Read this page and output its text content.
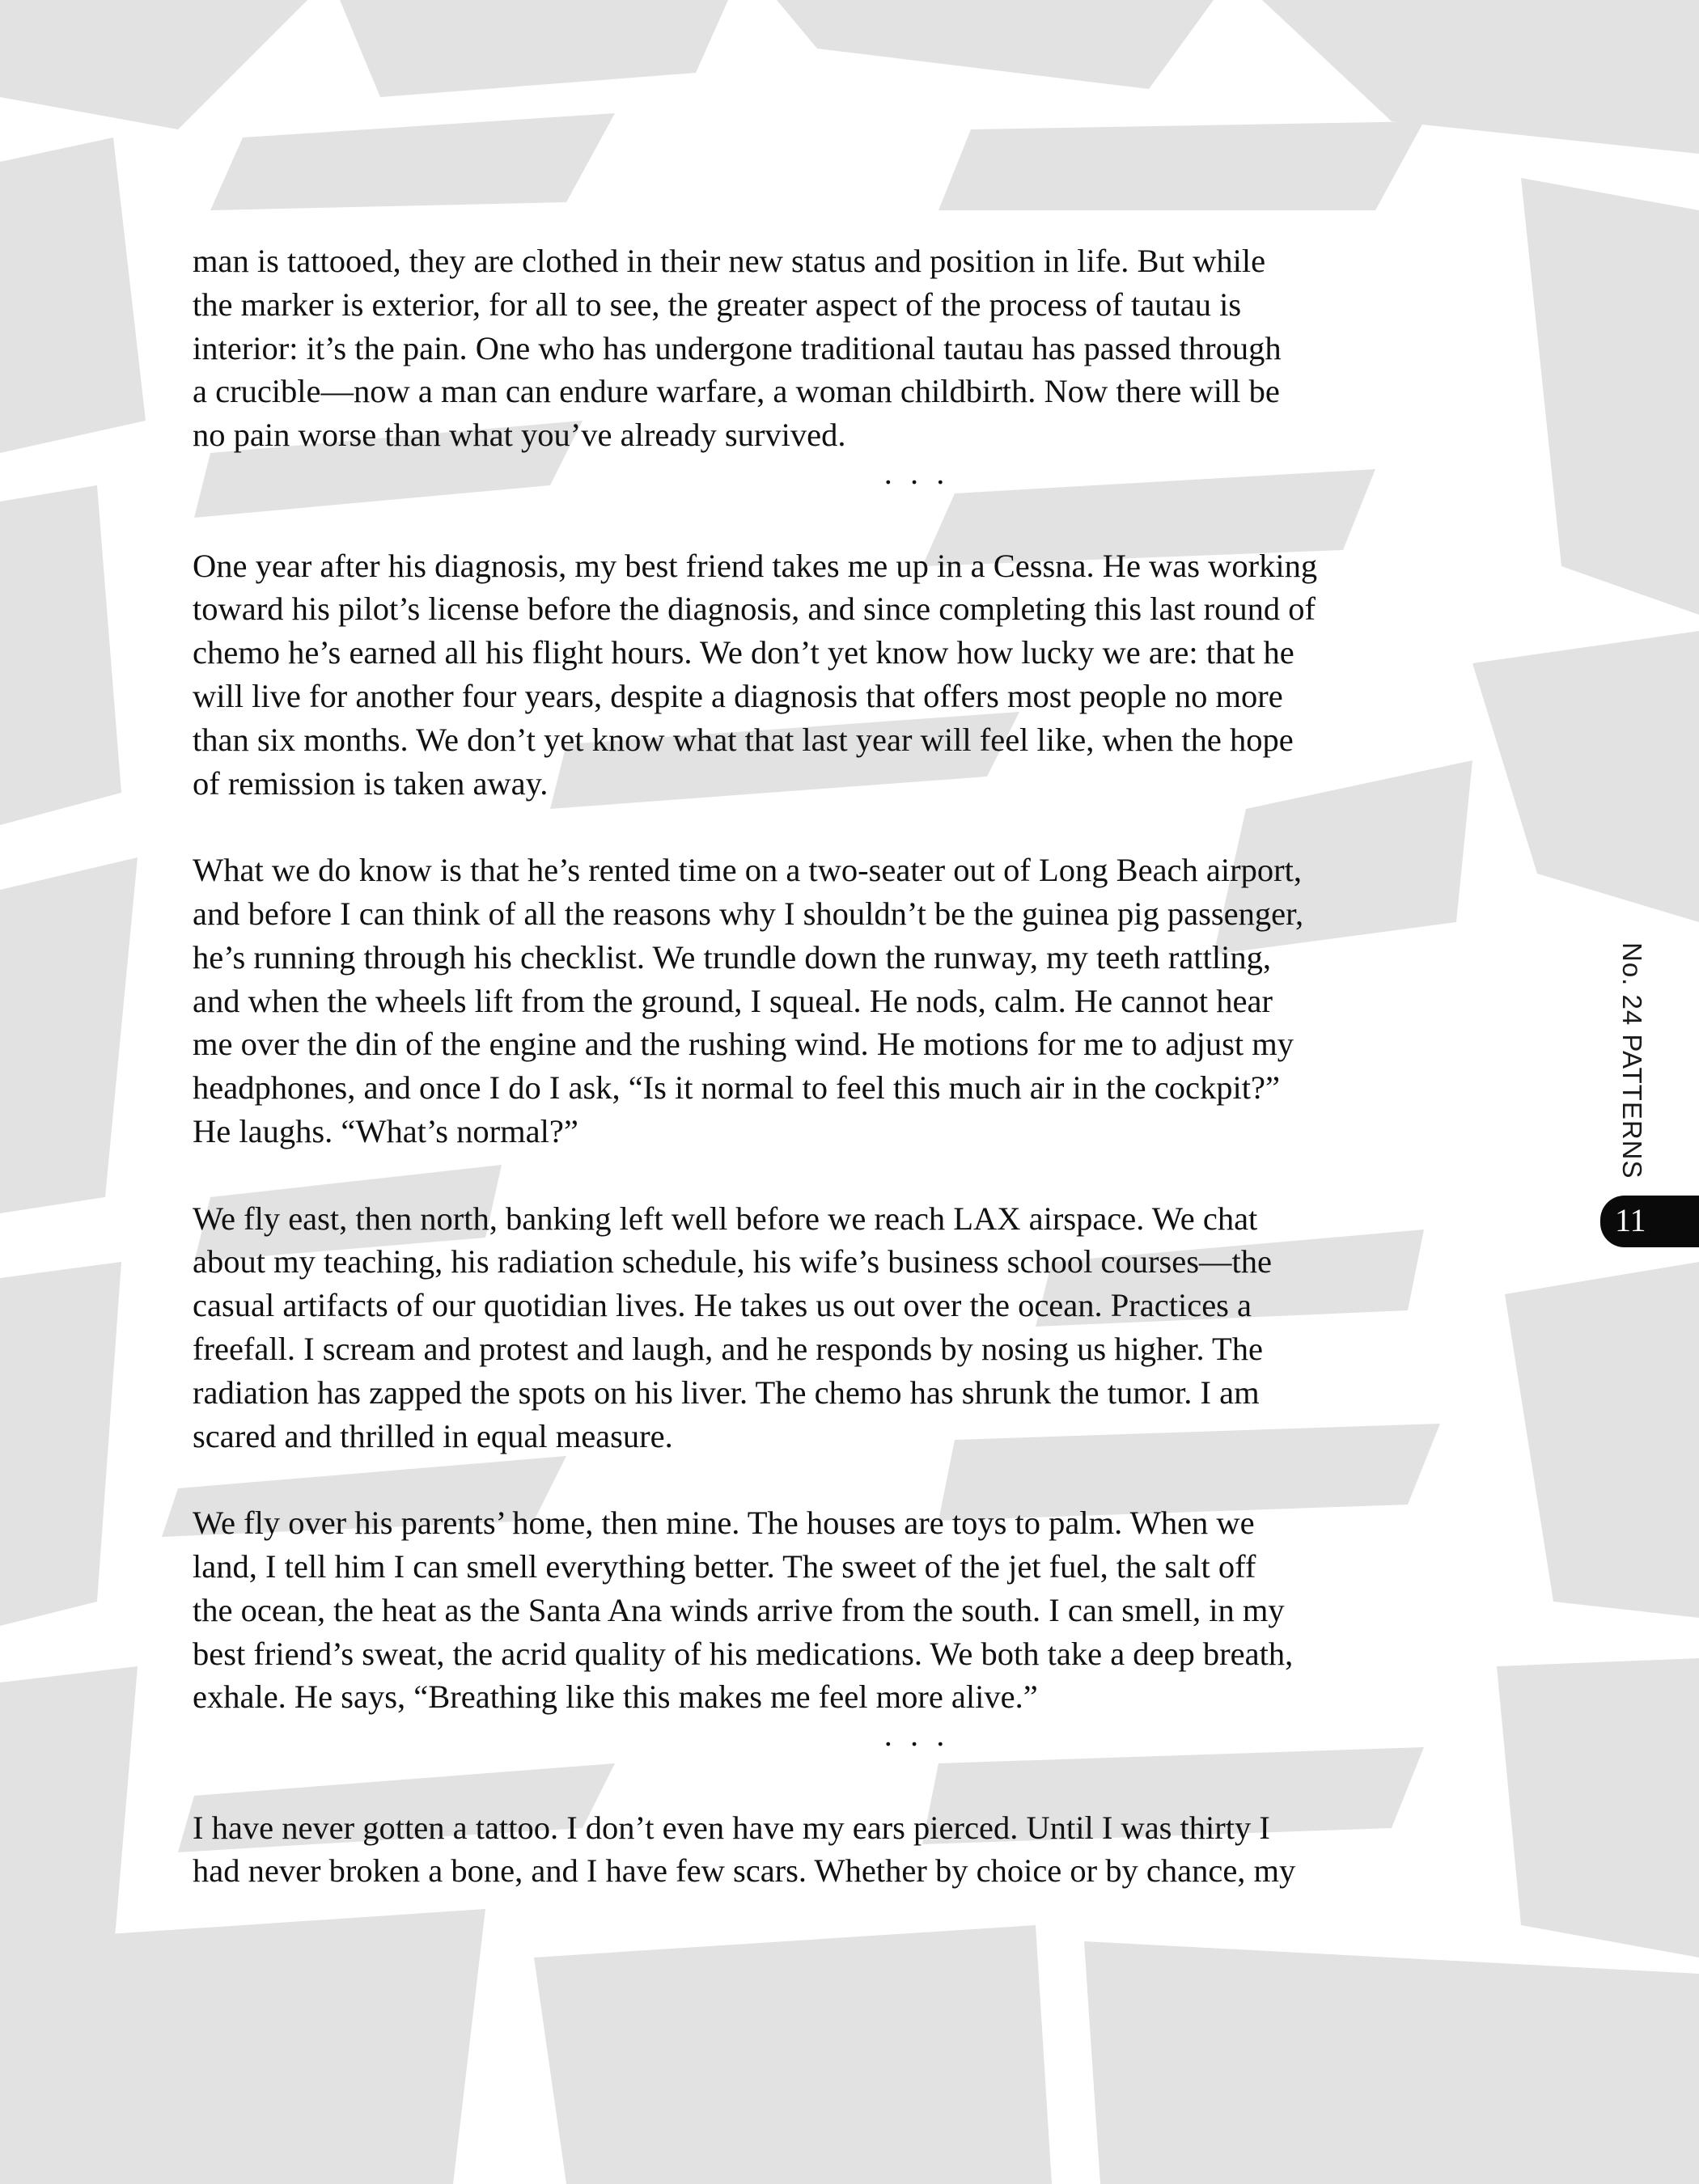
man is tattooed, they are clothed in their new status and position in life. But while
the marker is exterior, for all to see, the greater aspect of the process of tautau is
interior: it’s the pain. One who has undergone traditional tautau has passed through
a crucible—now a man can endure warfare, a woman childbirth. Now there will be
no pain worse than what you’ve already survived.
. . .
One year after his diagnosis, my best friend takes me up in a Cessna. He was working
toward his pilot’s license before the diagnosis, and since completing this last round of
chemo he’s earned all his flight hours. We don’t yet know how lucky we are: that he
will live for another four years, despite a diagnosis that offers most people no more
than six months. We don’t yet know what that last year will feel like, when the hope
of remission is taken away.
What we do know is that he’s rented time on a two-seater out of Long Beach airport,
and before I can think of all the reasons why I shouldn’t be the guinea pig passenger,
he’s running through his checklist. We trundle down the runway, my teeth rattling,
and when the wheels lift from the ground, I squeal. He nods, calm. He cannot hear
me over the din of the engine and the rushing wind. He motions for me to adjust my
headphones, and once I do I ask, “Is it normal to feel this much air in the cockpit?”
He laughs. “What’s normal?”
We fly east, then north, banking left well before we reach LAX airspace. We chat
about my teaching, his radiation schedule, his wife’s business school courses—the
casual artifacts of our quotidian lives. He takes us out over the ocean. Practices a
freefall. I scream and protest and laugh, and he responds by nosing us higher. The
radiation has zapped the spots on his liver. The chemo has shrunk the tumor. I am
scared and thrilled in equal measure.
We fly over his parents’ home, then mine. The houses are toys to palm. When we
land, I tell him I can smell everything better. The sweet of the jet fuel, the salt off
the ocean, the heat as the Santa Ana winds arrive from the south. I can smell, in my
best friend’s sweat, the acrid quality of his medications. We both take a deep breath,
exhale. He says, “Breathing like this makes me feel more alive.”
. . .
I have never gotten a tattoo. I don’t even have my ears pierced. Until I was thirty I
had never broken a bone, and I have few scars. Whether by choice or by chance, my
No. 24 PATTERNS
11
